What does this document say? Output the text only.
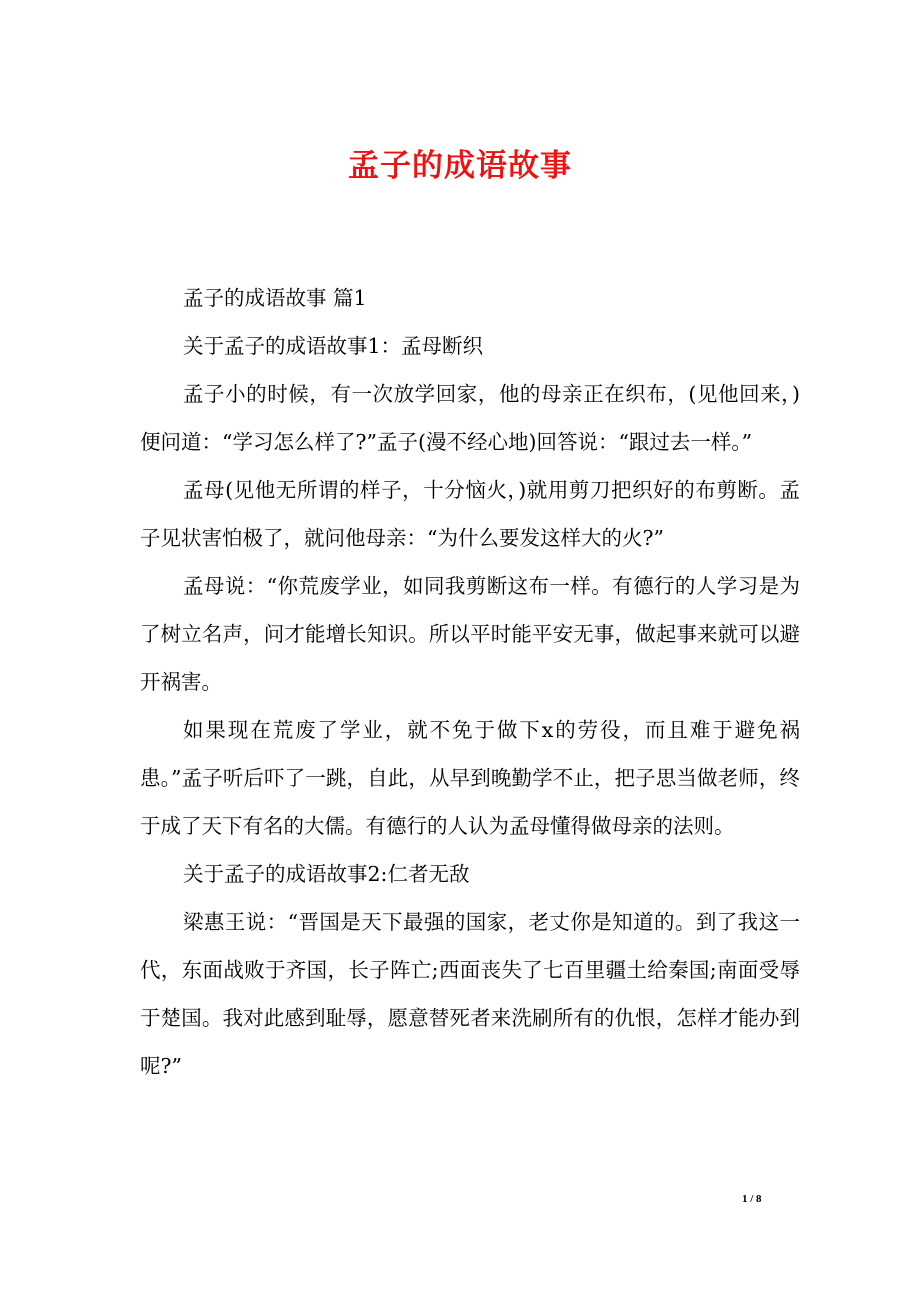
孟子的成语故事

孟子的成语故事 篇1

关于孟子的成语故事1：孟母断织

孟子小的时候，有一次放学回家，他的母亲正在织布，(见他回来，)便问道：“学习怎么样了?”孟子(漫不经心地)回答说：“跟过去一样。”

孟母(见他无所谓的样子，十分恼火，)就用剪刀把织好的布剪断。孟子见状害怕极了，就问他母亲：“为什么要发这样大的火?”

孟母说：“你荒废学业，如同我剪断这布一样。有德行的人学习是为了树立名声，问才能增长知识。所以平时能平安无事，做起事来就可以避开祸害。

如果现在荒废了学业，就不免于做下x的劳役，而且难于避免祸患。”孟子听后吓了一跳，自此，从早到晚勤学不止，把子思当做老师，终于成了天下有名的大儒。有德行的人认为孟母懂得做母亲的法则。

关于孟子的成语故事2:仁者无敌

梁惠王说：“晋国是天下最强的国家，老丈你是知道的。到了我这一代，东面战败于齐国，长子阵亡;西面丧失了七百里疆土给秦国;南面受辱于楚国。我对此感到耻辱，愿意替死者来洗刷所有的仇恨，怎样才能办到呢?”

1 / 8
